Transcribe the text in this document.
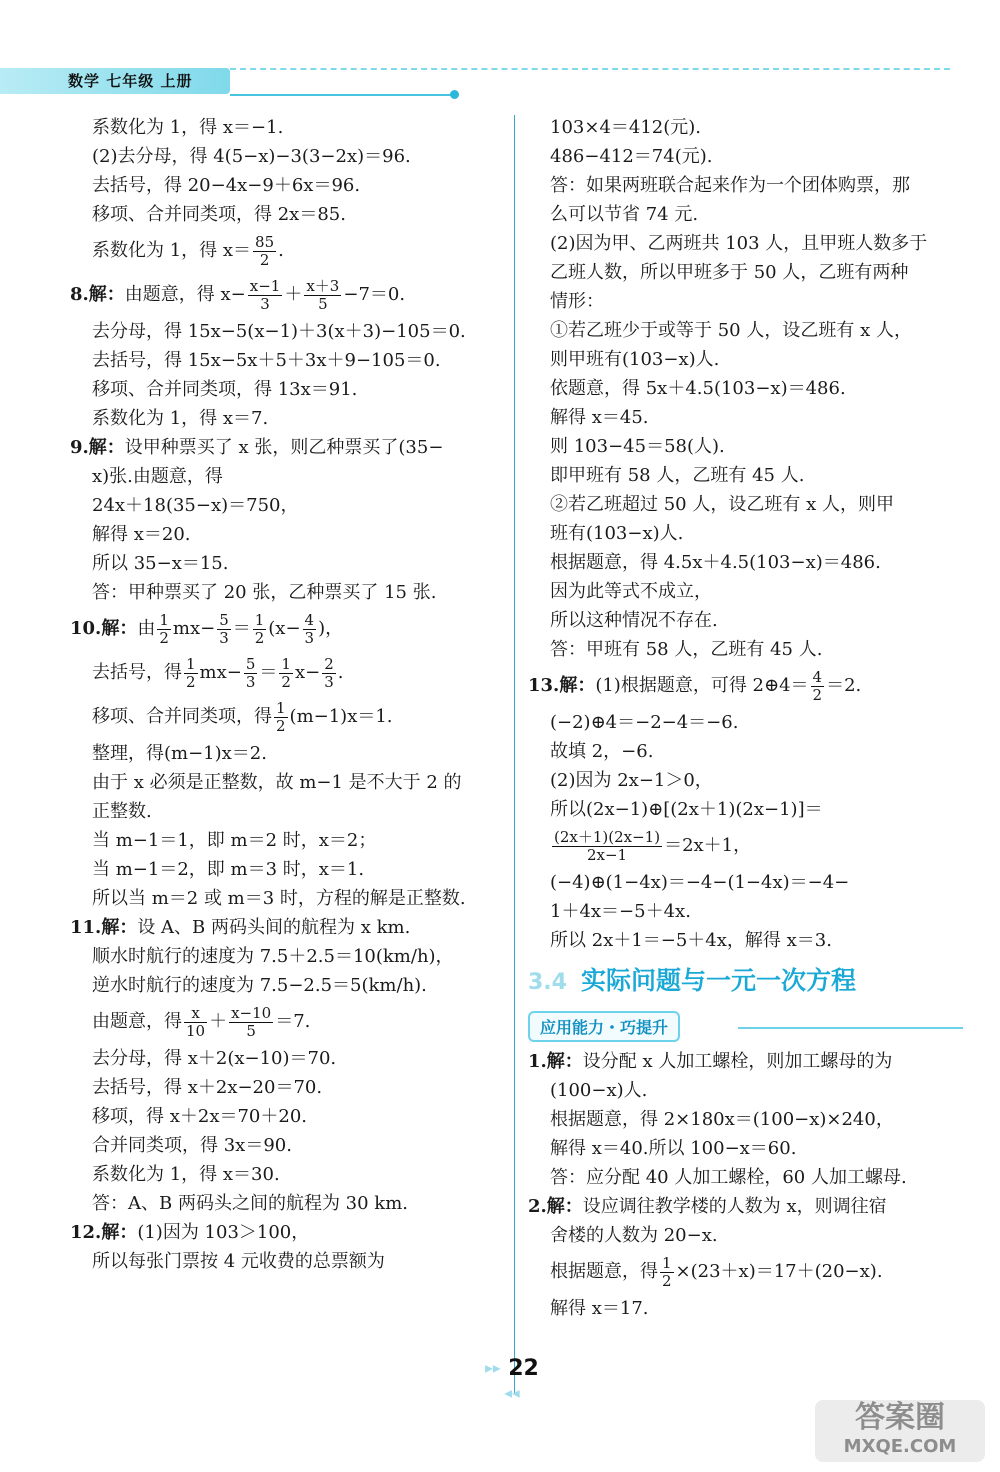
数学 七年级 上册
系数化为 1，得 x＝−1.
(2)去分母，得 4(5−x)−3(3−2x)＝96.
去括号，得 20−4x−9＋6x＝96.
移项、合并同类项，得 2x＝85.
系数化为 1，得 $x= \frac{85}{2}$ .
8.解：由题意，得 $x- \frac{x-1}{3} + \frac{x+3}{5} -7=0$.
去分母，得 15x−5(x−1)＋3(x＋3)−105＝0.
去括号，得 15x−5x＋5＋3x＋9−105＝0.
移项、合并同类项，得 13x＝91.
系数化为 1，得 x＝7.
9.解：设甲种票买了 x 张，则乙种票买了(35−
x)张.由题意，得
24x＋18(35−x)＝750，
解得 x＝20.
所以 35−x＝15.
答：甲种票买了 20 张，乙种票买了 15 张.
10.解：由 $\frac{1}{2} mx- \frac{5}{3} = \frac{1}{2} (x- \frac{4}{3}$ )，
去括号，得 $\frac{1}{2} mx- \frac{5}{3} = \frac{1}{2} x- \frac{2}{3}$ .
移项、合并同类项，得 $\frac{1}{2} (m-1)x=1$.
整理，得(m−1)x＝2.
由于 x 必须是正整数，故 m−1 是不大于 2 的
正整数.
当 m−1＝1，即 m＝2 时，x＝2；
当 m−1＝2，即 m＝3 时，x＝1.
所以当 m＝2 或 m＝3 时，方程的解是正整数.
11.解：设 A、B 两码头间的航程为 x km.
顺水时航行的速度为 7.5＋2.5＝10(km/h)，
逆水时航行的速度为 7.5−2.5＝5(km/h).
由题意，得 $\frac{x}{10} + \frac{x-10}{5} =7$.
去分母，得 x＋2(x−10)＝70.
去括号，得 x＋2x−20＝70.
移项，得 x＋2x＝70＋20.
合并同类项，得 3x＝90.
系数化为 1，得 x＝30.
答：A、B 两码头之间的航程为 30 km.
12.解：(1)因为 103＞100，
所以每张门票按 4 元收费的总票额为
103×4＝412(元).
486−412＝74(元).
答：如果两班联合起来作为一个团体购票，那
么可以节省 74 元.
(2)因为甲、乙两班共 103 人，且甲班人数多于
乙班人数，所以甲班多于 50 人，乙班有两种
情形：
①若乙班少于或等于 50 人，设乙班有 x 人，
则甲班有(103−x)人.
依题意，得 5x＋4.5(103−x)＝486.
解得 x＝45.
则 103−45＝58(人).
即甲班有 58 人，乙班有 45 人.
②若乙班超过 50 人，设乙班有 x 人，则甲
班有(103−x)人.
根据题意，得 4.5x＋4.5(103−x)＝486.
因为此等式不成立，
所以这种情况不存在.
答：甲班有 58 人，乙班有 45 人.
13.解：(1)根据题意，可得 2⊕4＝ $\frac{4}{2} =2$.
(−2)⊕4＝−2−4＝−6.
故填 2，−6.
(2)因为 2x−1＞0，
所以(2x−1)⊕[(2x＋1)(2x−1)]＝
$\frac{(2x+1)(2x-1)}{2x-1} =2x+1$，
(−4)⊕(1−4x)＝−4−(1−4x)＝−4−
1＋4x＝−5＋4x.
所以 2x＋1＝−5＋4x，解得 x＝3.
3.4 实际问题与一元一次方程
应用能力・巧提升
1.解：设分配 x 人加工螺栓，则加工螺母的为
(100−x)人.
根据题意，得 2×180x＝(100−x)×240，
解得 x＝40.所以 100−x＝60.
答：应分配 40 人加工螺栓，60 人加工螺母.
2.解：设应调往教学楼的人数为 x，则调往宿
舍楼的人数为 20−x.
根据题意，得 $\frac{1}{2} \times(23+x)=17+(20-x)$.
解得 x＝17.
▶▶ 22 ◀◀
答案圈
MXQE.COM
